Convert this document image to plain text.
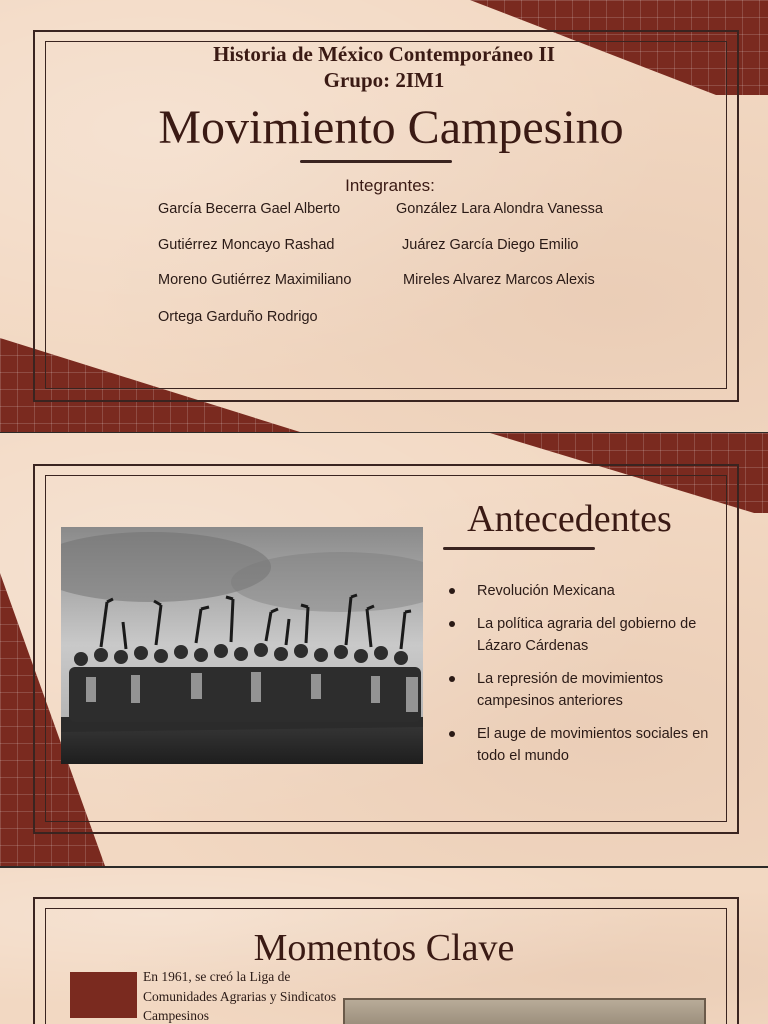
Historia de México Contemporáneo II
Grupo: 2IM1
Movimiento Campesino
Integrantes:
García Becerra Gael Alberto	González Lara Alondra Vanessa
Gutiérrez Moncayo Rashad	Juárez García Diego Emilio
Moreno Gutiérrez Maximiliano	Mireles Alvarez Marcos Alexis
Ortega Garduño Rodrigo
Antecedentes
Revolución Mexicana
La política agraria del gobierno de Lázaro Cárdenas
La represión de movimientos campesinos anteriores
El auge de movimientos sociales en todo el mundo
Momentos Clave
En 1961, se creó la Liga de Comunidades Agrarias y Sindicatos Campesinos
